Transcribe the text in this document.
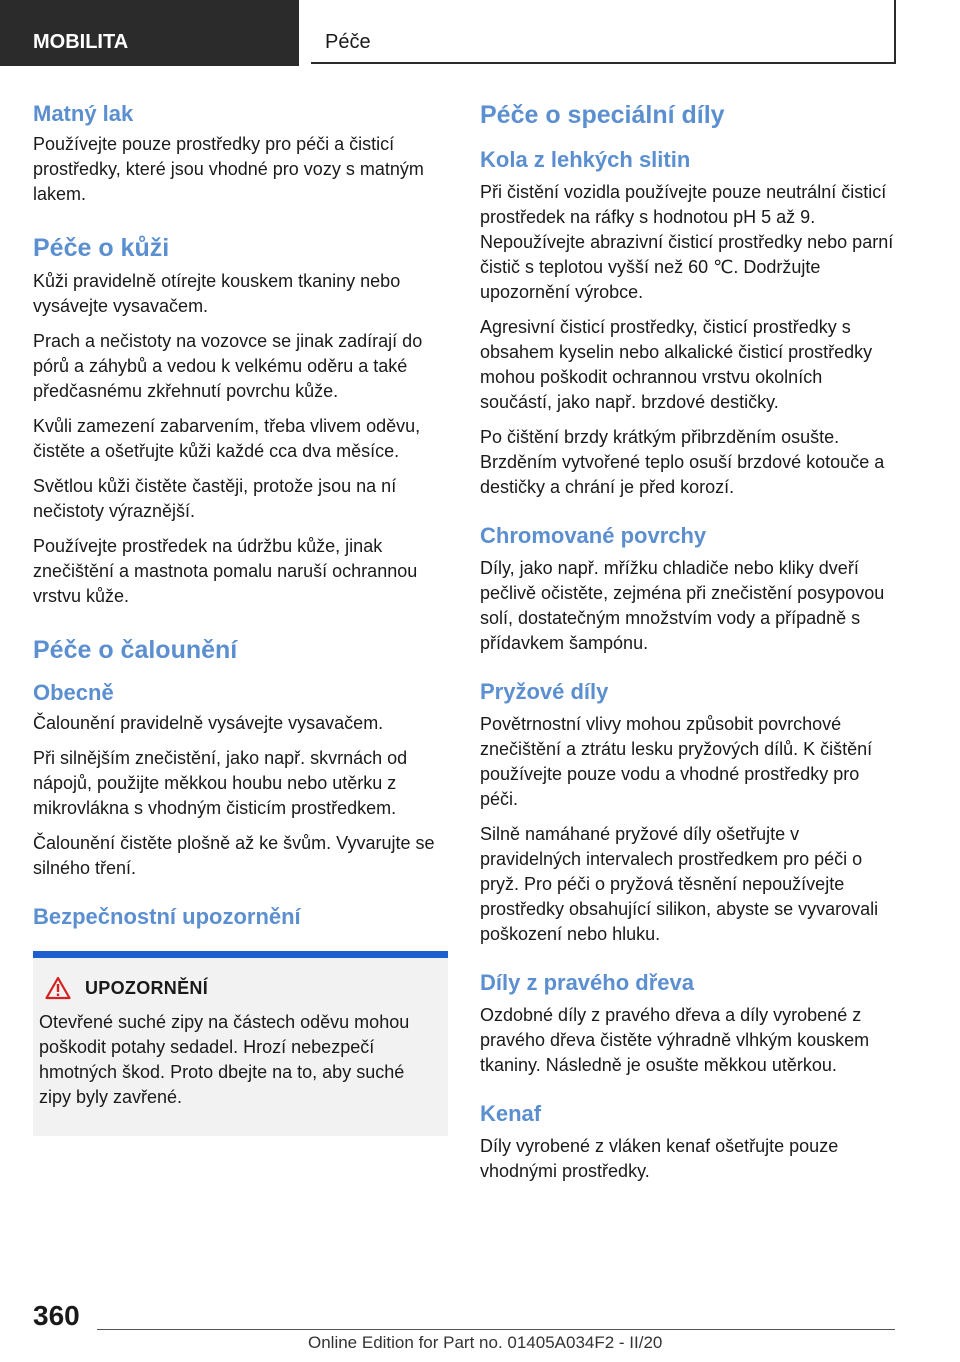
MOBILITA	Péče
Matný lak

Používejte pouze prostředky pro péči a čisticí prostředky, které jsou vhodné pro vozy s matným lakem.

Péče o kůži

Kůži pravidelně otírejte kouskem tkaniny nebo vysávejte vysavačem.

Prach a nečistoty na vozovce se jinak zadírají do pórů a záhybů a vedou k velkému oděru a také předčasnému zkřehnutí povrchu kůže.

Kvůli zamezení zabarvením, třeba vlivem oděvu, čistěte a ošetřujte kůži každé cca dva měsíce.

Světlou kůži čistěte častěji, protože jsou na ní nečistoty výraznější.

Používejte prostředek na údržbu kůže, jinak znečištění a mastnota pomalu naruší ochrannou vrstvu kůže.

Péče o čalounění
Obecně

Čalounění pravidelně vysávejte vysavačem.

Při silnějším znečistění, jako např. skvrnách od nápojů, použijte měkkou houbu nebo utěrku z mikrovlákna s vhodným čisticím prostředkem.

Čalounění čistěte plošně až ke švům. Vyvarujte se silného tření.

Bezpečnostní upozornění
UPOZORNĚNÍ

Otevřené suché zipy na částech oděvu mohou poškodit potahy sedadel. Hrozí nebezpečí hmotných škod. Proto dbejte na to, aby suché zipy byly zavřené.

Péče o speciální díly
Kola z lehkých slitin

Při čistění vozidla používejte pouze neutrální čisticí prostředek na ráfky s hodnotou pH 5 až 9. Nepoužívejte abrazivní čisticí prostředky nebo parní čistič s teplotou vyšší než 60 ℃. Dodržujte upozornění výrobce.

Agresivní čisticí prostředky, čisticí prostředky s obsahem kyselin nebo alkalické čisticí prostředky mohou poškodit ochrannou vrstvu okolních součástí, jako např. brzdové destičky.

Po čištění brzdy krátkým přibrzděním osušte. Brzděním vytvořené teplo osuší brzdové kotouče a destičky a chrání je před korozí.

Chromované povrchy

Díly, jako např. mřížku chladiče nebo kliky dveří pečlivě očistěte, zejména při znečistění posypovou solí, dostatečným množstvím vody a případně s přídavkem šampónu.

Pryžové díly

Povětrnostní vlivy mohou způsobit povrchové znečištění a ztrátu lesku pryžových dílů. K čištění používejte pouze vodu a vhodné prostředky pro péči.

Silně namáhané pryžové díly ošetřujte v pravidelných intervalech prostředkem pro péči o pryž. Pro péči o pryžová těsnění nepoužívejte prostředky obsahující silikon, abyste se vyvarovali poškození nebo hluku.

Díly z pravého dřeva

Ozdobné díly z pravého dřeva a díly vyrobené z pravého dřeva čistěte výhradně vlhkým kouskem tkaniny. Následně je osušte měkkou utěrkou.

Kenaf

Díly vyrobené z vláken kenaf ošetřujte pouze vhodnými prostředky.

360
Online Edition for Part no. 01405A034F2 - II/20
